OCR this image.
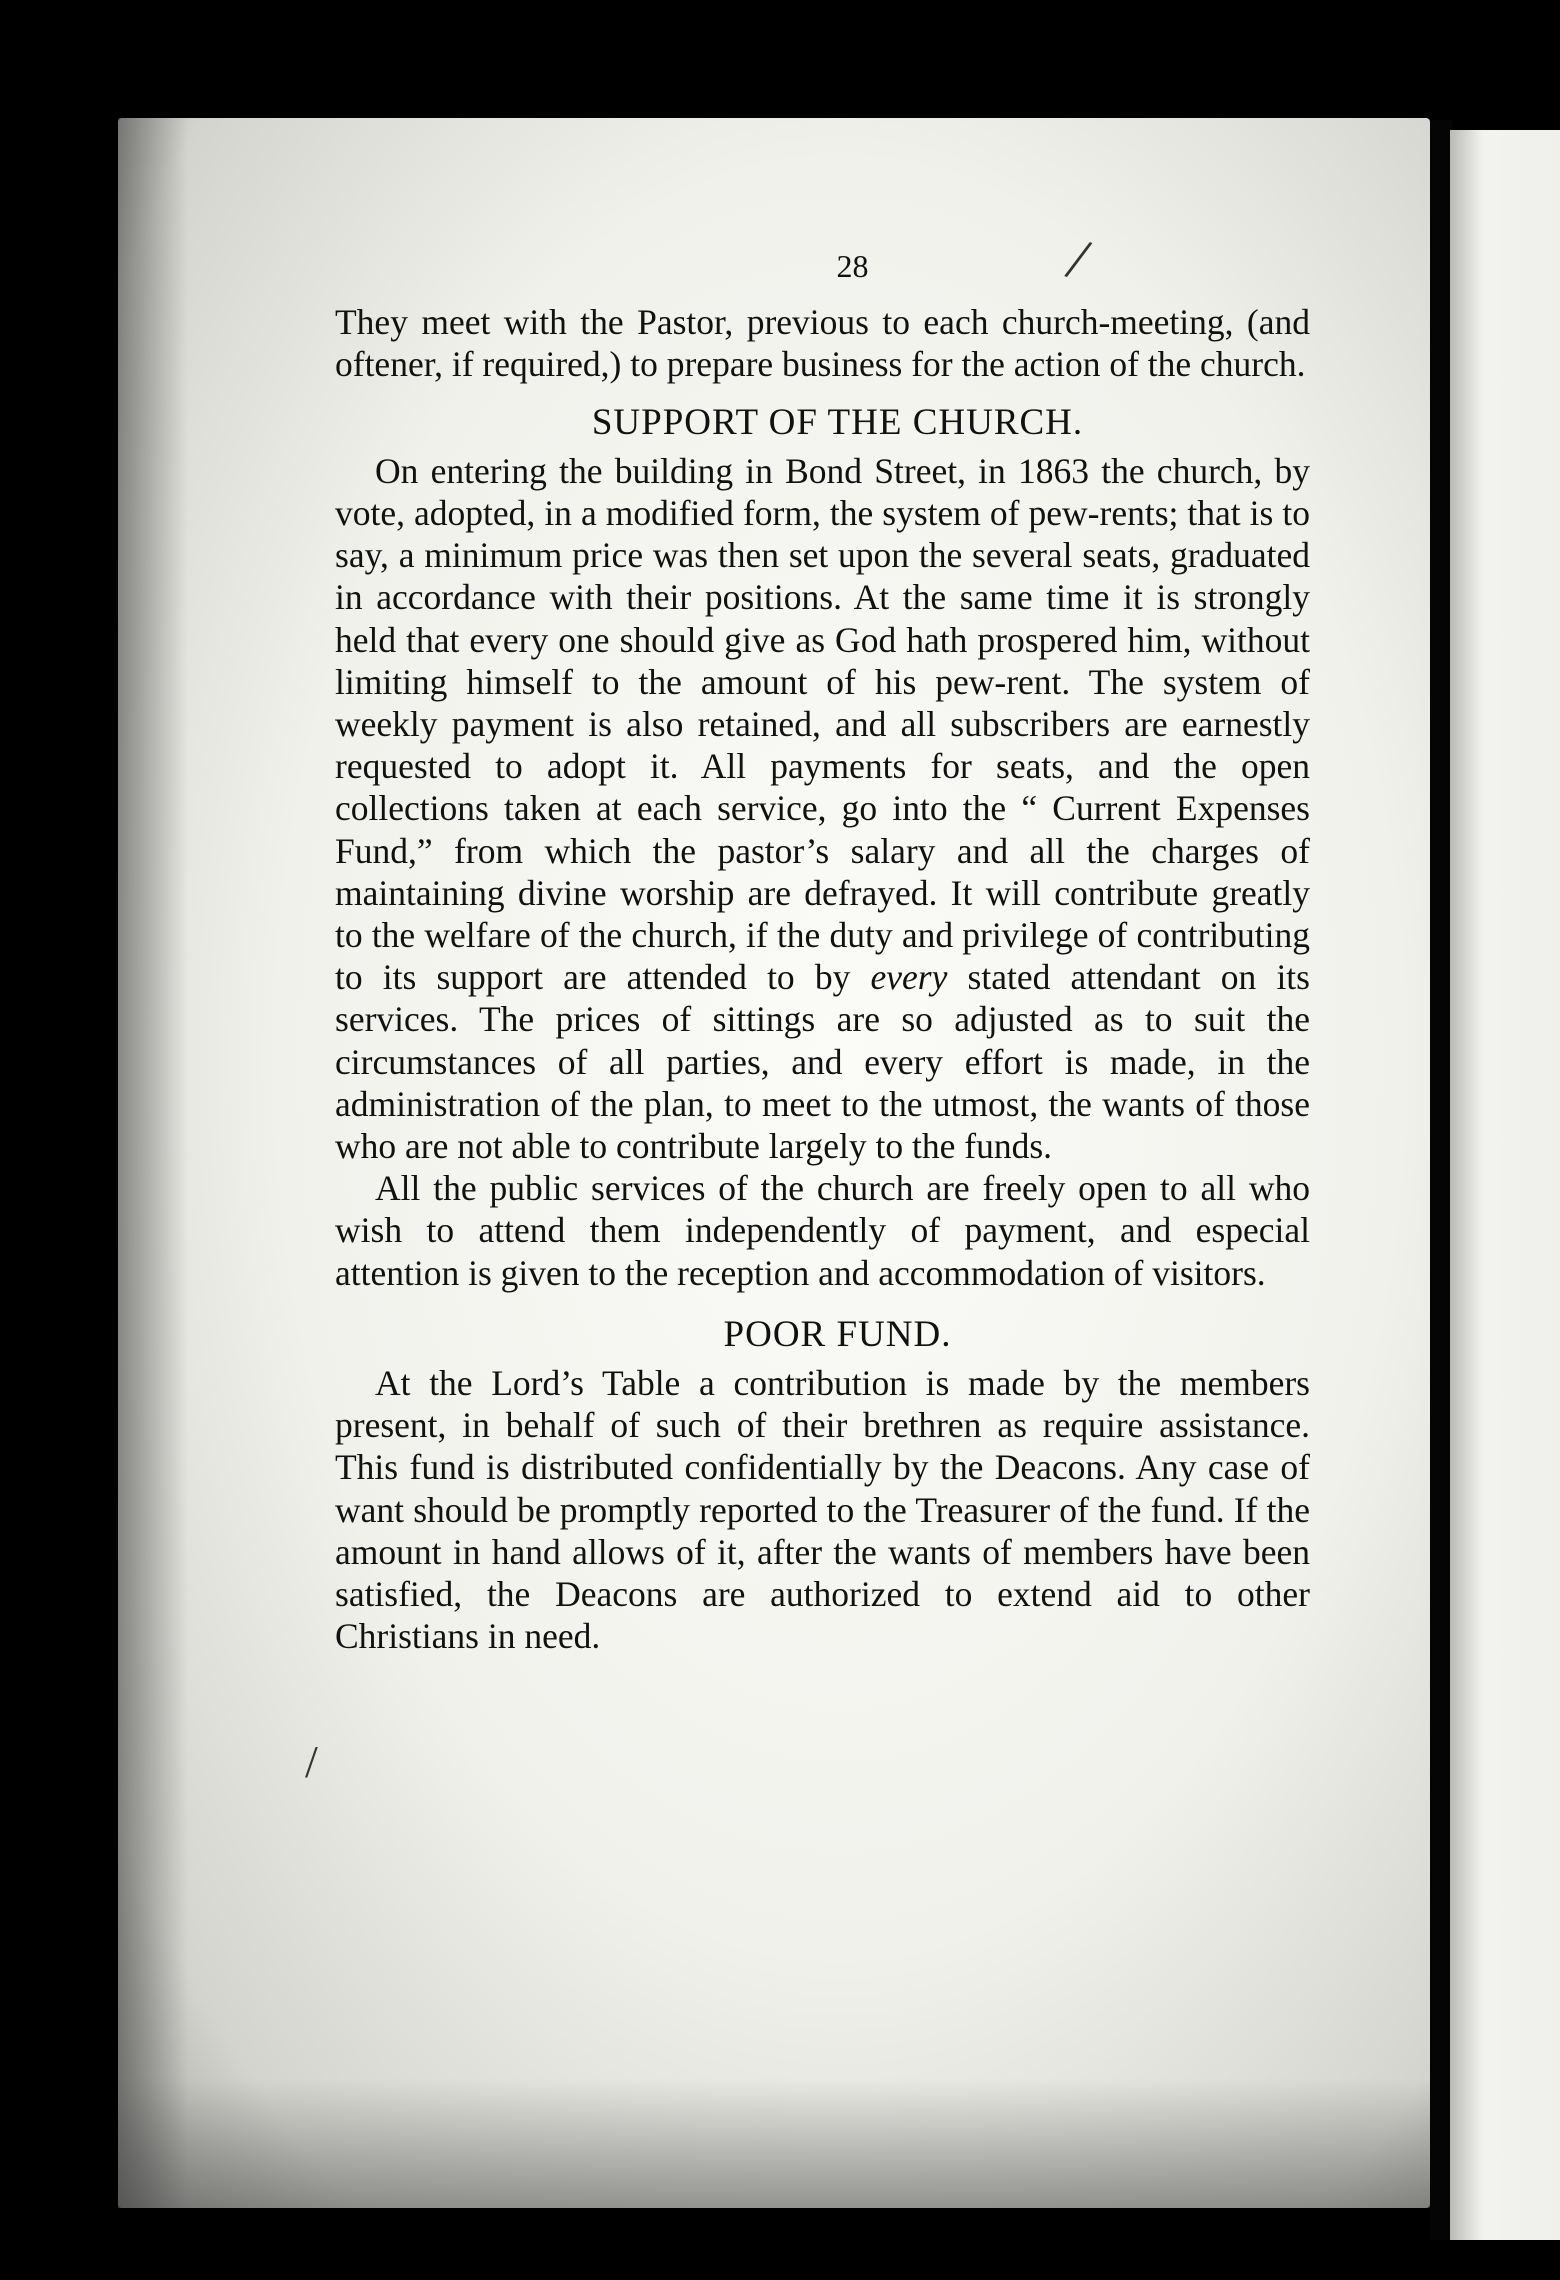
/
/
28

They meet with the Pastor, previous to each church-meeting, (and oftener, if required,) to prepare business for the action of the church.

SUPPORT OF THE CHURCH.

On entering the building in Bond Street, in 1863 the church, by vote, adopted, in a modified form, the system of pew-rents; that is to say, a minimum price was then set upon the several seats, graduated in accordance with their positions. At the same time it is strongly held that every one should give as God hath prospered him, without limiting himself to the amount of his pew-rent. The system of weekly payment is also retained, and all subscribers are earnestly requested to adopt it. All payments for seats, and the open collections taken at each service, go into the “ Current Expenses Fund,” from which the pastor’s salary and all the charges of maintaining divine worship are defrayed. It will contribute greatly to the welfare of the church, if the duty and privilege of contributing to its support are attended to by every stated attendant on its services. The prices of sittings are so adjusted as to suit the circumstances of all parties, and every effort is made, in the administration of the plan, to meet to the utmost, the wants of those who are not able to contribute largely to the funds.

All the public services of the church are freely open to all who wish to attend them independently of payment, and especial attention is given to the reception and accommodation of visitors.

POOR FUND.

At the Lord’s Table a contribution is made by the members present, in behalf of such of their brethren as require assistance. This fund is distributed confidentially by the Deacons. Any case of want should be promptly reported to the Treasurer of the fund. If the amount in hand allows of it, after the wants of members have been satisfied, the Deacons are authorized to extend aid to other Christians in need.
